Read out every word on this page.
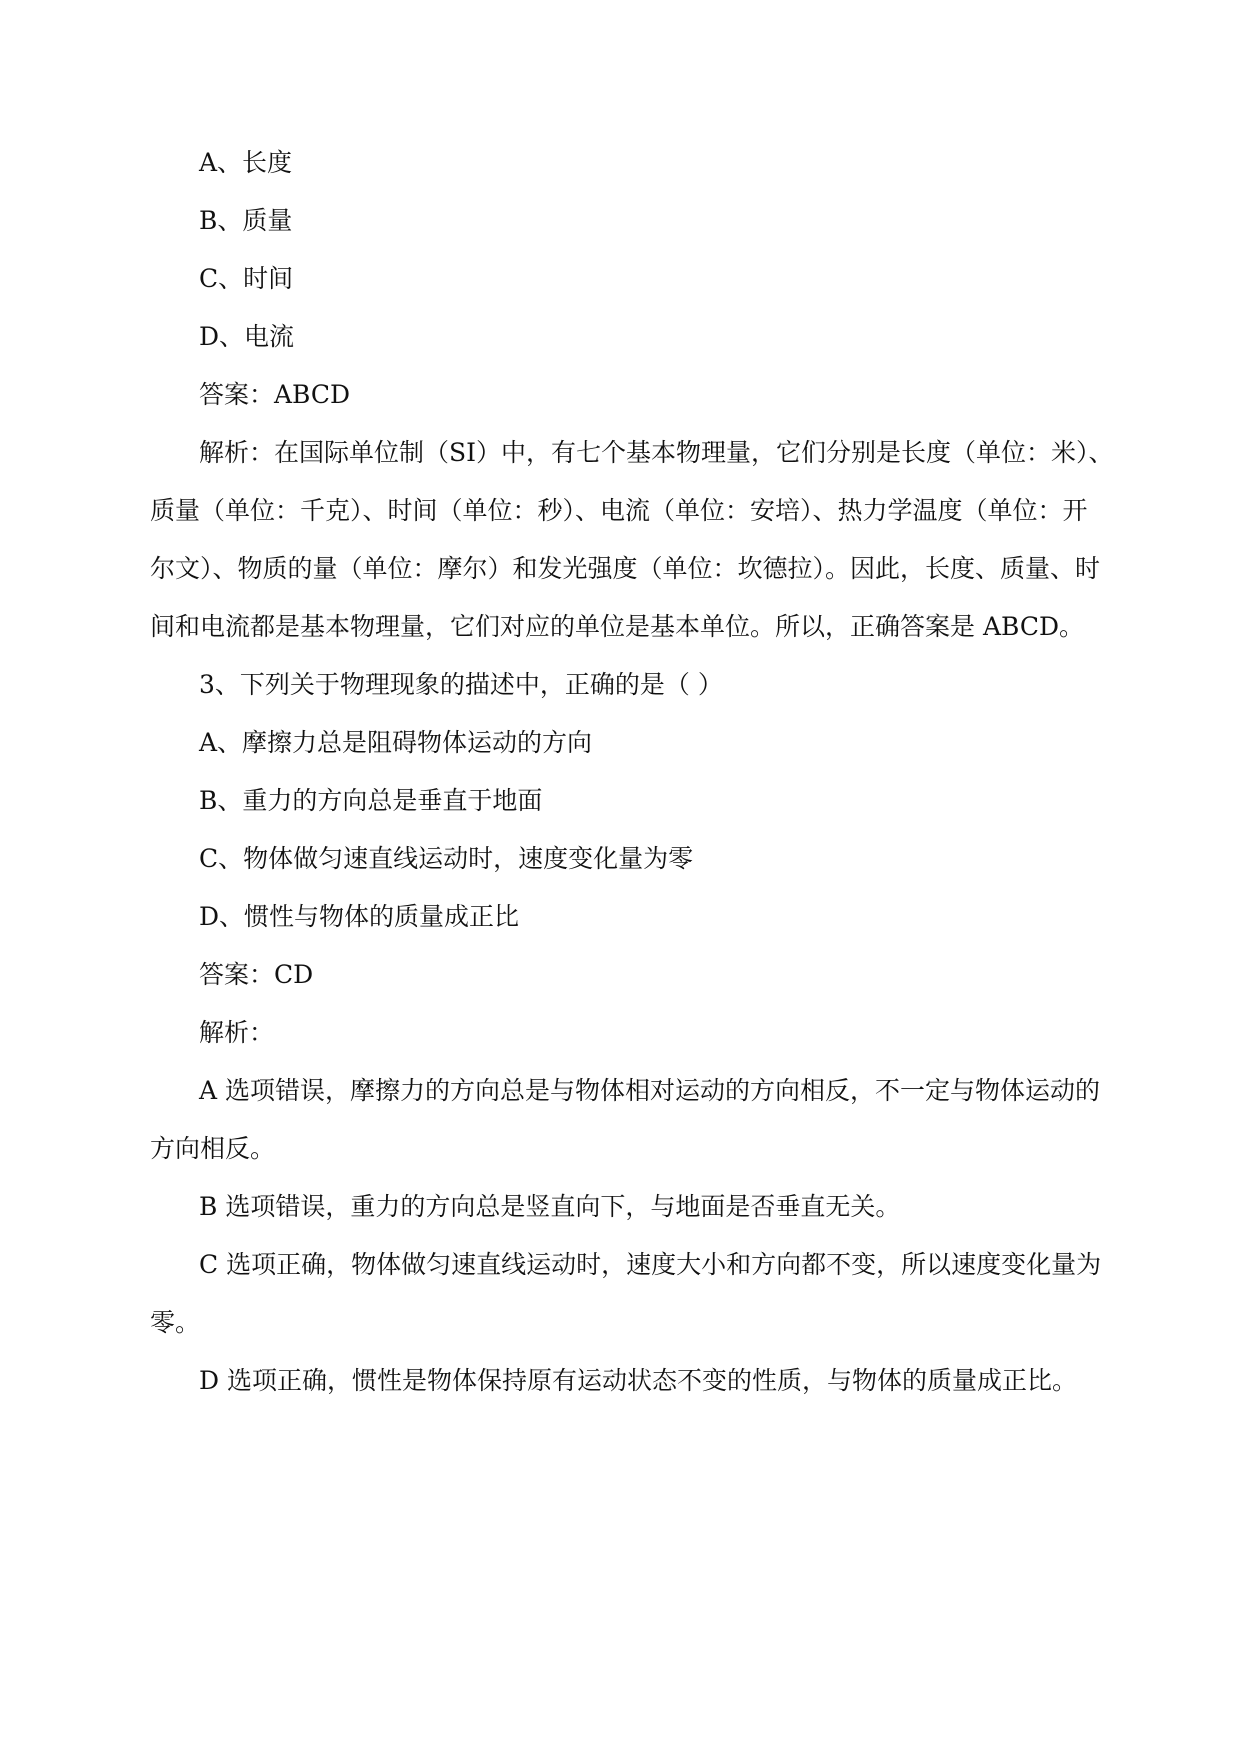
A、长度
B、质量
C、时间
D、电流
答案：ABCD
解析：在国际单位制（SI）中，有七个基本物理量，它们分别是长度（单位：米）、
质量（单位：千克）、时间（单位：秒）、电流（单位：安培）、热力学温度（单位：开
尔文）、物质的量（单位：摩尔）和发光强度（单位：坎德拉）。因此，长度、质量、时
间和电流都是基本物理量，它们对应的单位是基本单位。所以，正确答案是 ABCD。
3、下列关于物理现象的描述中，正确的是（ ）
A、摩擦力总是阻碍物体运动的方向
B、重力的方向总是垂直于地面
C、物体做匀速直线运动时，速度变化量为零
D、惯性与物体的质量成正比
答案：CD
解析：
A 选项错误，摩擦力的方向总是与物体相对运动的方向相反，不一定与物体运动的
方向相反。
B 选项错误，重力的方向总是竖直向下，与地面是否垂直无关。
C 选项正确，物体做匀速直线运动时，速度大小和方向都不变，所以速度变化量为
零。
D 选项正确，惯性是物体保持原有运动状态不变的性质，与物体的质量成正比。
